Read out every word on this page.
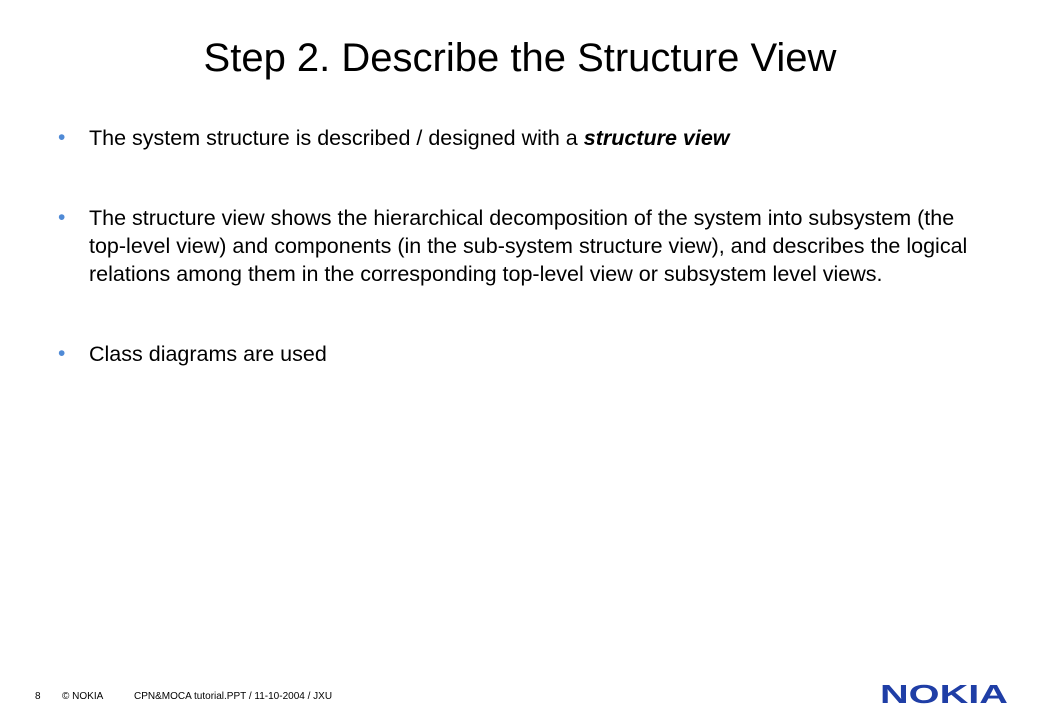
Step 2. Describe the Structure View
• The system structure is described / designed with a structure view
• The structure view shows the hierarchical decomposition of the system into subsystem (the top-level view) and components (in the sub-system structure view), and describes the logical relations among them in the corresponding top-level view or subsystem level views.
• Class diagrams are used
8 © NOKIA	CPN&MOCA tutorial.PPT / 11-10-2004 / JXU	NOKIA
